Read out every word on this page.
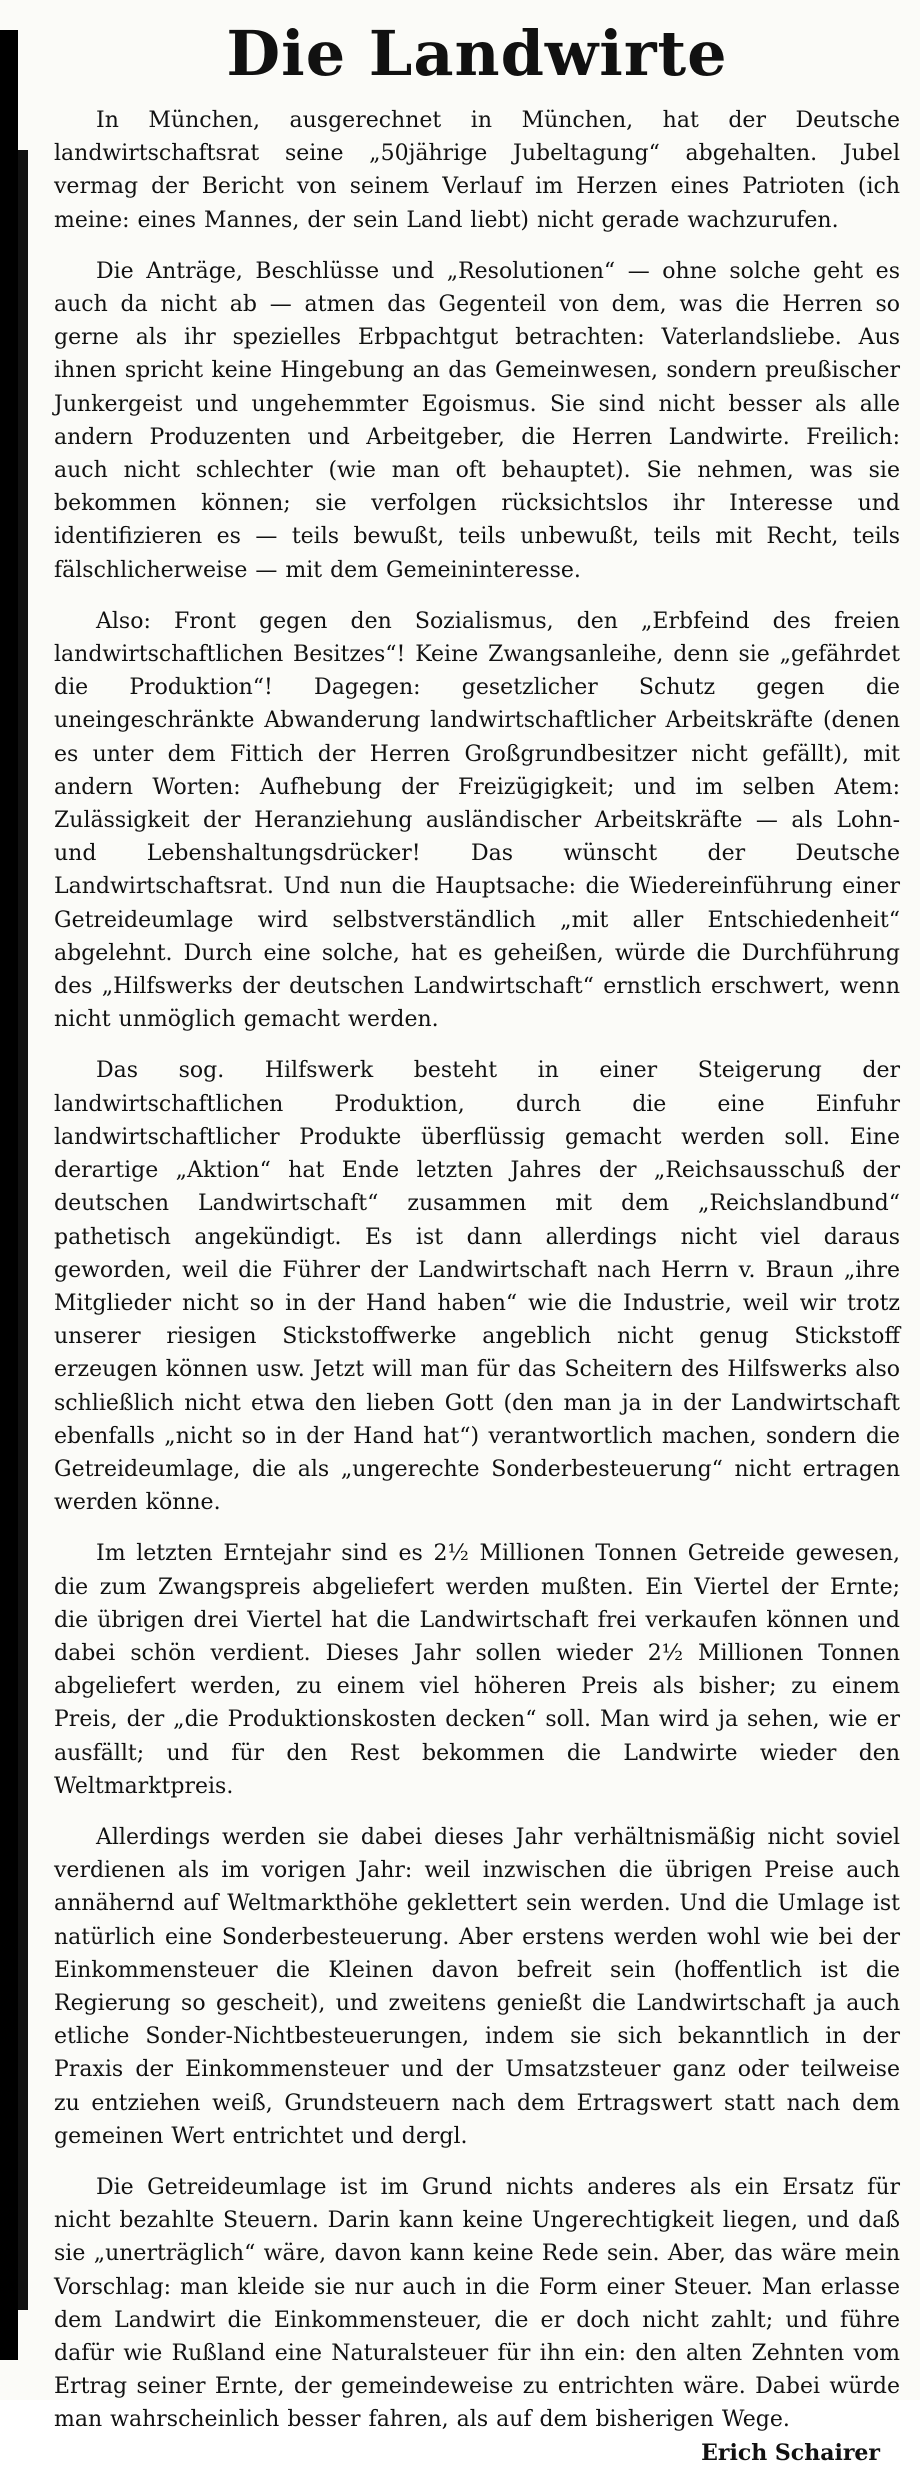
Die Landwirte

In München, ausgerechnet in München, hat der Deutsche landwirtschaftsrat seine „50jährige Jubeltagung“ abgehalten. Jubel vermag der Bericht von seinem Verlauf im Herzen eines Patrioten (ich meine: eines Mannes, der sein Land liebt) nicht gerade wachzurufen.

Die Anträge, Beschlüsse und „Resolutionen“ — ohne solche geht es auch da nicht ab — atmen das Gegenteil von dem, was die Herren so gerne als ihr spezielles Erbpachtgut betrachten: Vaterlandsliebe. Aus ihnen spricht keine Hingebung an das Gemeinwesen, sondern preußischer Junkergeist und ungehemmter Egoismus. Sie sind nicht besser als alle andern Produzenten und Arbeitgeber, die Herren Landwirte. Freilich: auch nicht schlechter (wie man oft behauptet). Sie nehmen, was sie bekommen können; sie verfolgen rücksichtslos ihr Interesse und identifizieren es — teils bewußt, teils unbewußt, teils mit Recht, teils fälschlicherweise — mit dem Gemeininteresse.

Also: Front gegen den Sozialismus, den „Erbfeind des freien landwirtschaftlichen Besitzes“! Keine Zwangsanleihe, denn sie „gefährdet die Produktion“! Dagegen: gesetzlicher Schutz gegen die uneingeschränkte Abwanderung landwirtschaftlicher Arbeitskräfte (denen es unter dem Fittich der Herren Großgrundbesitzer nicht gefällt), mit andern Worten: Aufhebung der Freizügigkeit; und im selben Atem: Zulässigkeit der Heranziehung ausländischer Arbeitskräfte — als Lohn- und Lebenshaltungsdrücker! Das wünscht der Deutsche Landwirtschaftsrat. Und nun die Hauptsache: die Wiedereinführung einer Getreideumlage wird selbstverständlich „mit aller Entschiedenheit“ abgelehnt. Durch eine solche, hat es geheißen, würde die Durchführung des „Hilfswerks der deutschen Landwirtschaft“ ernstlich erschwert, wenn nicht unmöglich gemacht werden.

Das sog. Hilfswerk besteht in einer Steigerung der landwirtschaftlichen Produktion, durch die eine Einfuhr landwirtschaftlicher Produkte überflüssig gemacht werden soll. Eine derartige „Aktion“ hat Ende letzten Jahres der „Reichsausschuß der deutschen Landwirtschaft“ zusammen mit dem „Reichslandbund“ pathetisch angekündigt. Es ist dann allerdings nicht viel daraus geworden, weil die Führer der Landwirtschaft nach Herrn v. Braun „ihre Mitglieder nicht so in der Hand haben“ wie die Industrie, weil wir trotz unserer riesigen Stickstoffwerke angeblich nicht genug Stickstoff erzeugen können usw. Jetzt will man für das Scheitern des Hilfswerks also schließlich nicht etwa den lieben Gott (den man ja in der Landwirtschaft ebenfalls „nicht so in der Hand hat“) verantwortlich machen, sondern die Getreideumlage, die als „ungerechte Sonderbesteuerung“ nicht ertragen werden könne.

Im letzten Erntejahr sind es 2½ Millionen Tonnen Getreide gewesen, die zum Zwangspreis abgeliefert werden mußten. Ein Viertel der Ernte; die übrigen drei Viertel hat die Landwirtschaft frei verkaufen können und dabei schön verdient. Dieses Jahr sollen wieder 2½ Millionen Tonnen abgeliefert werden, zu einem viel höheren Preis als bisher; zu einem Preis, der „die Produktionskosten decken“ soll. Man wird ja sehen, wie er ausfällt; und für den Rest bekommen die Landwirte wieder den Weltmarktpreis.

Allerdings werden sie dabei dieses Jahr verhältnismäßig nicht soviel verdienen als im vorigen Jahr: weil inzwischen die übrigen Preise auch annähernd auf Weltmarkthöhe geklettert sein werden. Und die Umlage ist natürlich eine Sonderbesteuerung. Aber erstens werden wohl wie bei der Einkommensteuer die Kleinen davon befreit sein (hoffentlich ist die Regierung so gescheit), und zweitens genießt die Landwirtschaft ja auch etliche Sonder-Nichtbesteuerungen, indem sie sich bekanntlich in der Praxis der Einkommensteuer und der Umsatzsteuer ganz oder teilweise zu entziehen weiß, Grundsteuern nach dem Ertragswert statt nach dem gemeinen Wert entrichtet und dergl.

Die Getreideumlage ist im Grund nichts anderes als ein Ersatz für nicht bezahlte Steuern. Darin kann keine Ungerechtigkeit liegen, und daß sie „unerträglich“ wäre, davon kann keine Rede sein. Aber, das wäre mein Vorschlag: man kleide sie nur auch in die Form einer Steuer. Man erlasse dem Landwirt die Einkommensteuer, die er doch nicht zahlt; und führe dafür wie Rußland eine Naturalsteuer für ihn ein: den alten Zehnten vom Ertrag seiner Ernte, der gemeindeweise zu entrichten wäre. Dabei würde man wahrscheinlich besser fahren, als auf dem bisherigen Wege.

Erich Schairer
